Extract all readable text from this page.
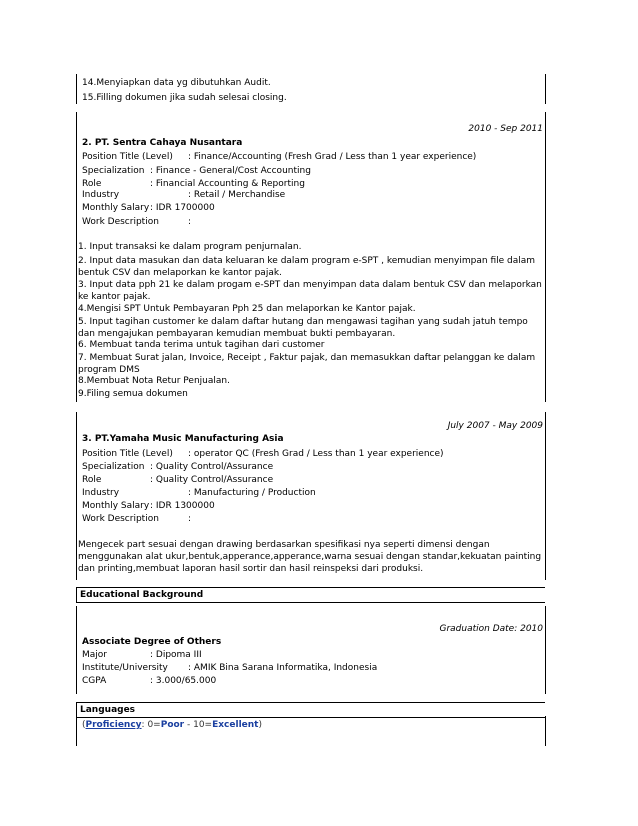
14.Menyiapkan data yg dibutuhkan Audit.
15.Filling dokumen jika sudah selesai closing.
2010 - Sep 2011
2. PT. Sentra Cahaya Nusantara
Position Title (Level) : Finance/Accounting (Fresh Grad / Less than 1 year experience)
Specialization : Finance - General/Cost Accounting
Role	: Financial Accounting & Reporting
Industry	: Retail / Merchandise
Monthly Salary : IDR 1700000
Work Description	:
1. Input transaksi ke dalam program penjurnalan.
2. Input data masukan dan data keluaran ke dalam program e-SPT , kemudian menyimpan file dalam bentuk CSV dan melaporkan ke kantor pajak.
3. Input data pph 21 ke dalam progam e-SPT dan menyimpan data dalam bentuk CSV dan melaporkan ke kantor pajak.
4.Mengisi SPT Untuk Pembayaran Pph 25 dan melaporkan ke Kantor pajak.
5. Input tagihan customer ke dalam daftar hutang dan mengawasi tagihan yang sudah jatuh tempo dan mengajukan pembayaran kemudian membuat bukti pembayaran.
6. Membuat tanda terima untuk tagihan dari customer
7. Membuat Surat jalan, Invoice, Receipt , Faktur pajak, dan memasukkan daftar pelanggan ke dalam program DMS
8.Membuat Nota Retur Penjualan.
9.Filing semua dokumen
July 2007 - May 2009
3. PT.Yamaha Music Manufacturing Asia
Position Title (Level) : operator QC (Fresh Grad / Less than 1 year experience)
Specialization : Quality Control/Assurance
Role	: Quality Control/Assurance
Industry	: Manufacturing / Production
Monthly Salary : IDR 1300000
Work Description	:
Mengecek part sesuai dengan drawing berdasarkan spesifikasi nya seperti dimensi dengan menggunakan alat ukur,bentuk,apperance,apperance,warna sesuai dengan standar,kekuatan painting dan printing,membuat laporan hasil sortir dan hasil reinspeksi dari produksi.
Educational Background
Graduation Date: 2010
Associate Degree of Others
Major	: Dipoma III
Institute/University : AMIK Bina Sarana Informatika, Indonesia
CGPA	: 3.000/65.000
Languages
(Proficiency: 0=Poor - 10=Excellent)
